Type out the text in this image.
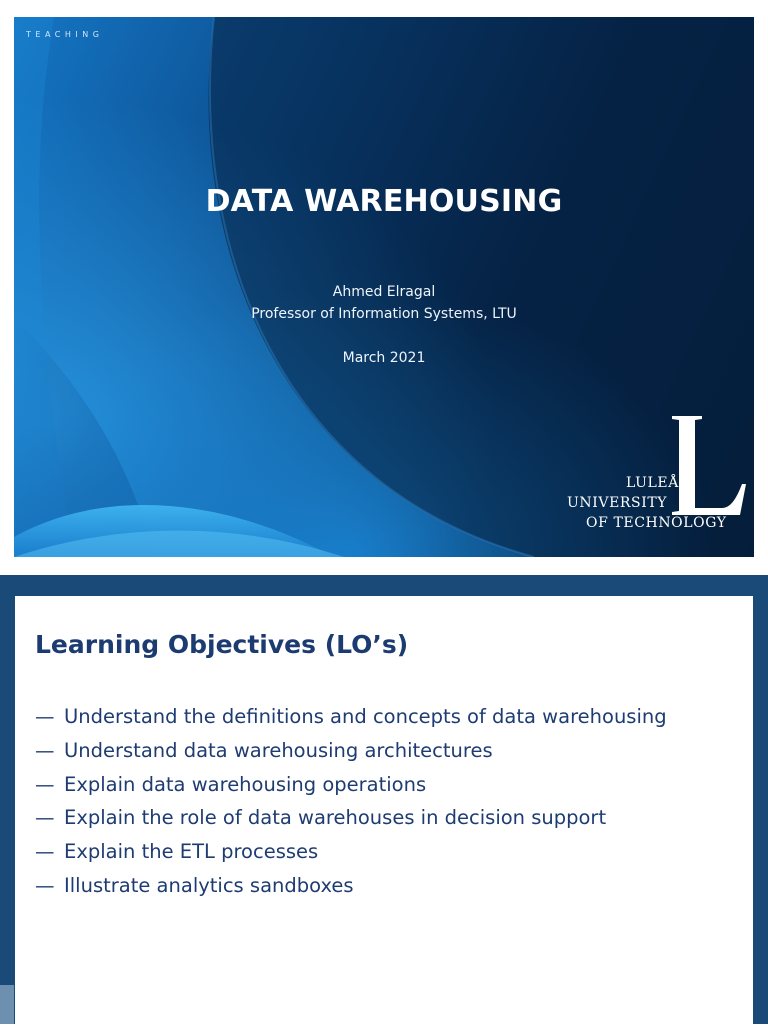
TEACHING
DATA WAREHOUSING
Ahmed Elragal
Professor of Information Systems, LTU
March 2021
LULEÅ
UNIVERSITY
OF TECHNOLOGY
Learning Objectives (LO’s)
— Understand the definitions and concepts of data warehousing
— Understand data warehousing architectures
— Explain data warehousing operations
— Explain the role of data warehouses in decision support
— Explain the ETL processes
— Illustrate analytics sandboxes
